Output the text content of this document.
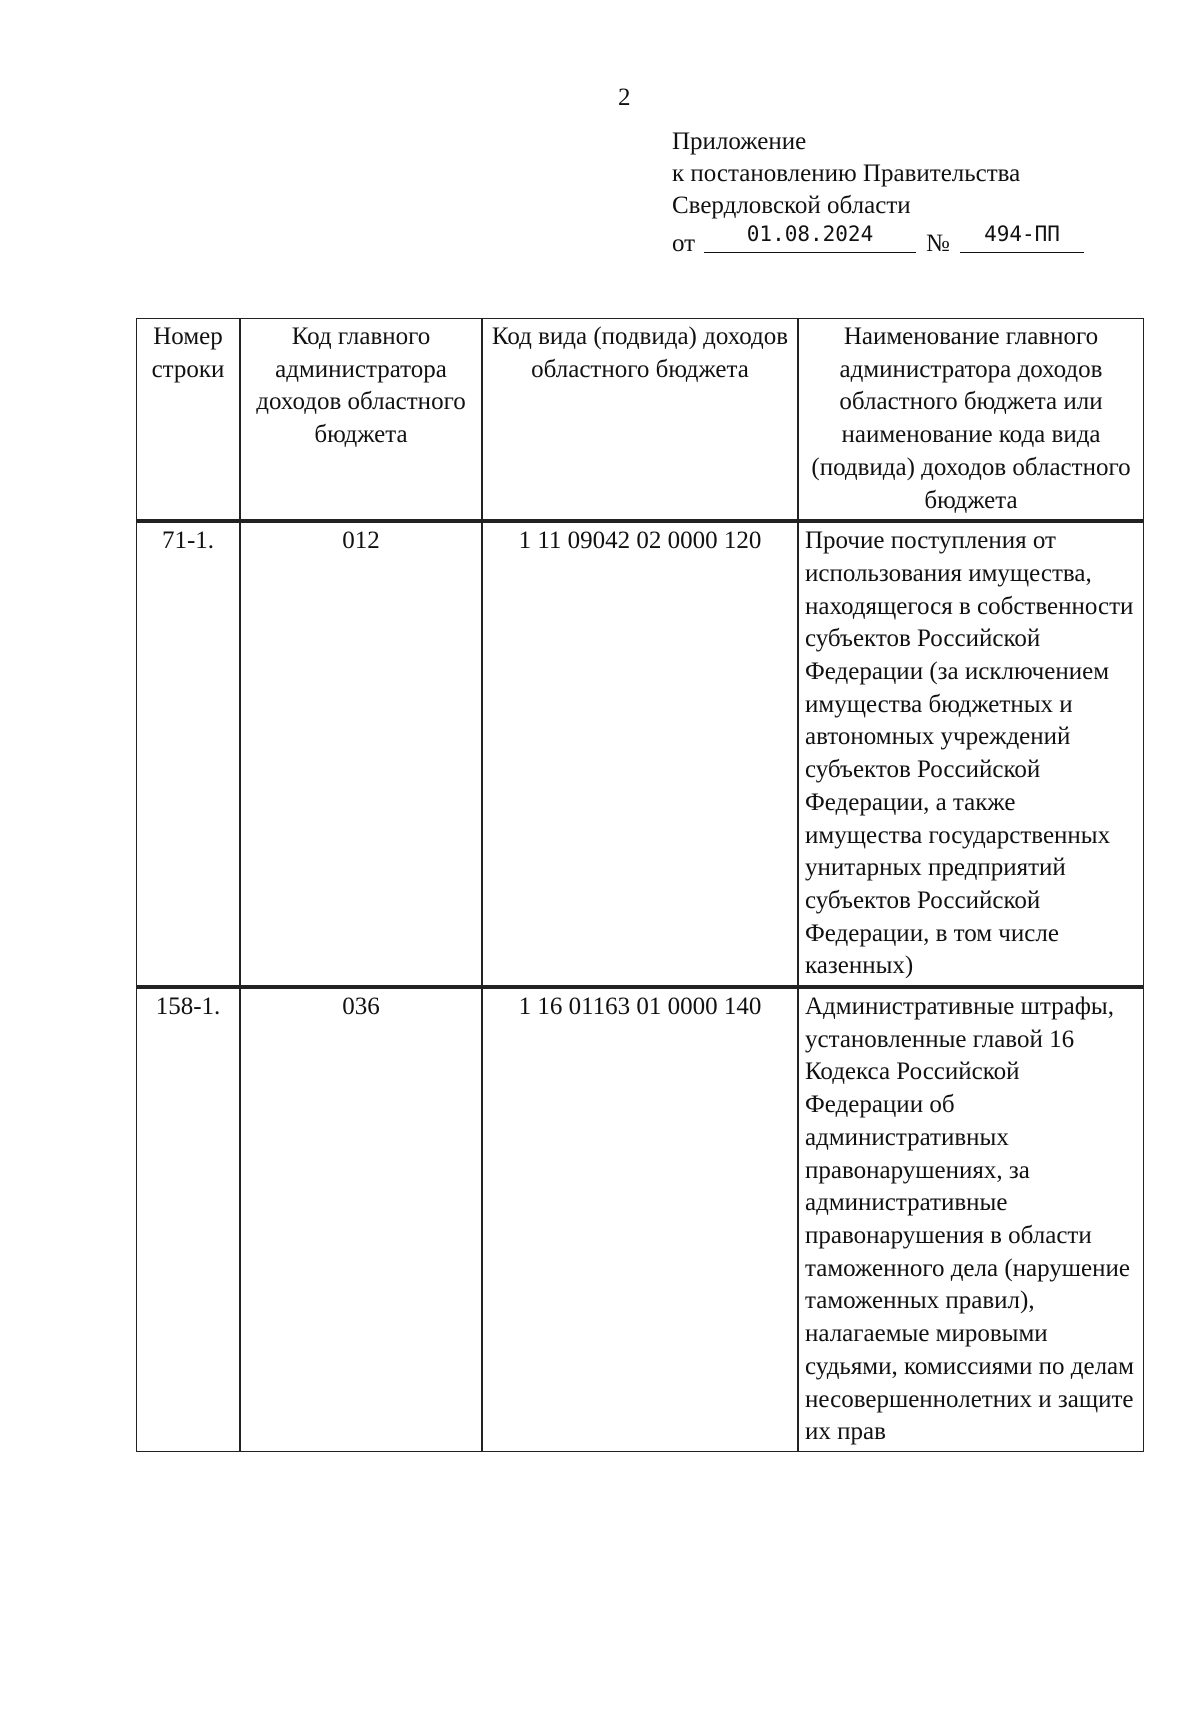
2
Приложение
к постановлению Правительства
Свердловской области
от	01.08.2024	№	494-ПП
Номер строки	Код главного администратора доходов областного бюджета	Код вида (подвида) доходов областного бюджета	Наименование главного администратора доходов областного бюджета или наименование кода вида (подвида) доходов областного бюджета
71-1.	012	1 11 09042 02 0000 120	Прочие поступления от использования имущества, находящегося в собственности субъектов Российской Федерации (за исключением имущества бюджетных и автономных учреждений субъектов Российской Федерации, а также имущества государственных унитарных предприятий субъектов Российской Федерации, в том числе казенных)
158-1.	036	1 16 01163 01 0000 140	Административные штрафы, установленные главой 16 Кодекса Российской Федерации об административных правонарушениях, за административные правонарушения в области таможенного дела (нарушение таможенных правил), налагаемые мировыми судьями, комиссиями по делам несовершеннолетних и защите их прав
